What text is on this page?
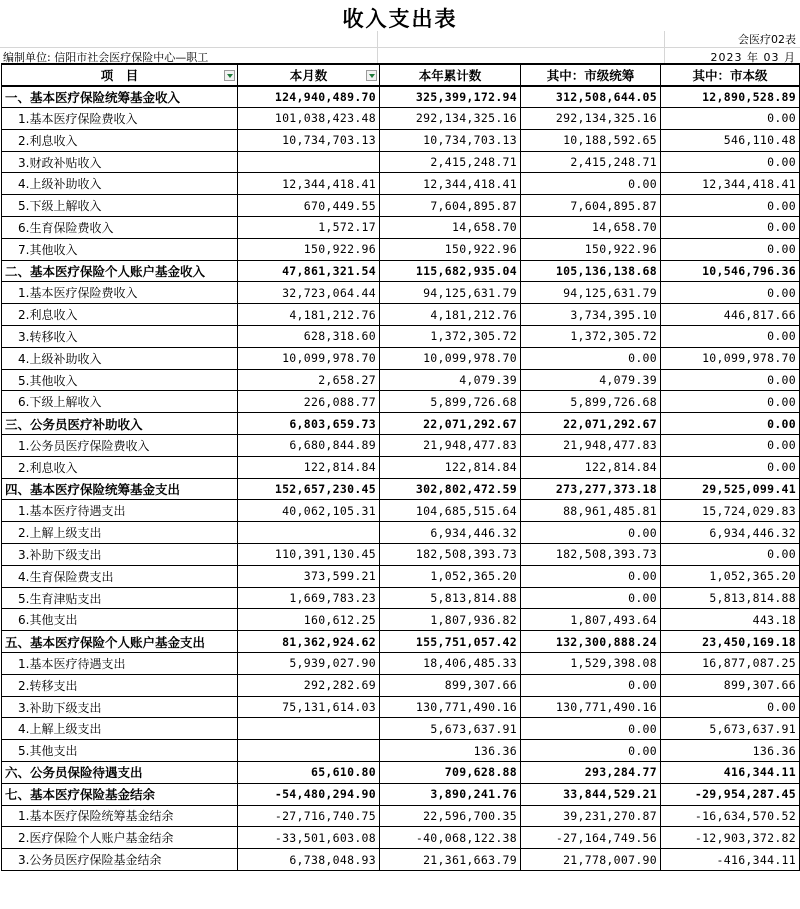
收入支出表
会医疗02表
编制单位: 信阳市社会医疗保险中心—职工	2023 年 03 月
项　目	本月数	本年累计数	其中：市级统筹	其中：市本级
一、基本医疗保险统筹基金收入	124,940,489.70	325,399,172.94	312,508,644.05	12,890,528.89
1.基本医疗保险费收入	101,038,423.48	292,134,325.16	292,134,325.16	0.00
2.利息收入	10,734,703.13	10,734,703.13	10,188,592.65	546,110.48
3.财政补贴收入		2,415,248.71	2,415,248.71	0.00
4.上级补助收入	12,344,418.41	12,344,418.41	0.00	12,344,418.41
5.下级上解收入	670,449.55	7,604,895.87	7,604,895.87	0.00
6.生育保险费收入	1,572.17	14,658.70	14,658.70	0.00
7.其他收入	150,922.96	150,922.96	150,922.96	0.00
二、基本医疗保险个人账户基金收入	47,861,321.54	115,682,935.04	105,136,138.68	10,546,796.36
1.基本医疗保险费收入	32,723,064.44	94,125,631.79	94,125,631.79	0.00
2.利息收入	4,181,212.76	4,181,212.76	3,734,395.10	446,817.66
3.转移收入	628,318.60	1,372,305.72	1,372,305.72	0.00
4.上级补助收入	10,099,978.70	10,099,978.70	0.00	10,099,978.70
5.其他收入	2,658.27	4,079.39	4,079.39	0.00
6.下级上解收入	226,088.77	5,899,726.68	5,899,726.68	0.00
三、公务员医疗补助收入	6,803,659.73	22,071,292.67	22,071,292.67	0.00
1.公务员医疗保险费收入	6,680,844.89	21,948,477.83	21,948,477.83	0.00
2.利息收入	122,814.84	122,814.84	122,814.84	0.00
四、基本医疗保险统筹基金支出	152,657,230.45	302,802,472.59	273,277,373.18	29,525,099.41
1.基本医疗待遇支出	40,062,105.31	104,685,515.64	88,961,485.81	15,724,029.83
2.上解上级支出		6,934,446.32	0.00	6,934,446.32
3.补助下级支出	110,391,130.45	182,508,393.73	182,508,393.73	0.00
4.生育保险费支出	373,599.21	1,052,365.20	0.00	1,052,365.20
5.生育津贴支出	1,669,783.23	5,813,814.88	0.00	5,813,814.88
6.其他支出	160,612.25	1,807,936.82	1,807,493.64	443.18
五、基本医疗保险个人账户基金支出	81,362,924.62	155,751,057.42	132,300,888.24	23,450,169.18
1.基本医疗待遇支出	5,939,027.90	18,406,485.33	1,529,398.08	16,877,087.25
2.转移支出	292,282.69	899,307.66	0.00	899,307.66
3.补助下级支出	75,131,614.03	130,771,490.16	130,771,490.16	0.00
4.上解上级支出		5,673,637.91	0.00	5,673,637.91
5.其他支出		136.36	0.00	136.36
六、公务员保险待遇支出	65,610.80	709,628.88	293,284.77	416,344.11
七、基本医疗保险基金结余	-54,480,294.90	3,890,241.76	33,844,529.21	-29,954,287.45
1.基本医疗保险统筹基金结余	-27,716,740.75	22,596,700.35	39,231,270.87	-16,634,570.52
2.医疗保险个人账户基金结余	-33,501,603.08	-40,068,122.38	-27,164,749.56	-12,903,372.82
3.公务员医疗保险基金结余	6,738,048.93	21,361,663.79	21,778,007.90	-416,344.11
